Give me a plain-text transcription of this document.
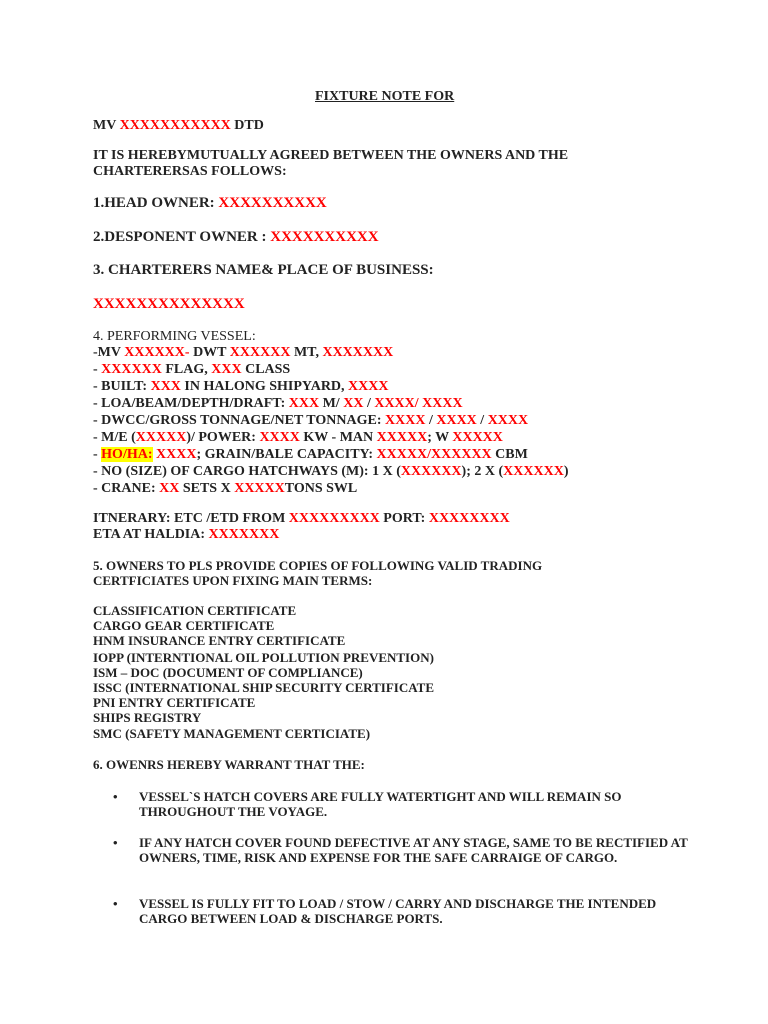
FIXTURE NOTE FOR
MV XXXXXXXXXXX DTD
IT IS HEREBYMUTUALLY AGREED BETWEEN THE OWNERS AND THE
CHARTERERSAS FOLLOWS:
1.HEAD OWNER: XXXXXXXXXX
2.DESPONENT OWNER : XXXXXXXXXX
3. CHARTERERS NAME& PLACE OF BUSINESS:
XXXXXXXXXXXXXX
4. PERFORMING VESSEL:
-MV XXXXXX- DWT XXXXXX MT, XXXXXXX
- XXXXXX FLAG, XXX CLASS
- BUILT: XXX IN HALONG SHIPYARD, XXXX
- LOA/BEAM/DEPTH/DRAFT: XXX M/ XX / XXXX/ XXXX
- DWCC/GROSS TONNAGE/NET TONNAGE: XXXX / XXXX / XXXX
- M/E (XXXXX)/ POWER: XXXX KW - MAN XXXXX; W XXXXX
- HO/HA: XXXX; GRAIN/BALE CAPACITY: XXXXX/XXXXXX CBM
- NO (SIZE) OF CARGO HATCHWAYS (M): 1 X (XXXXXX); 2 X (XXXXXX)
- CRANE: XX SETS X XXXXXTONS SWL
ITNERARY: ETC /ETD FROM XXXXXXXXX PORT: XXXXXXXX
ETA AT HALDIA: XXXXXXX
5. OWNERS TO PLS PROVIDE COPIES OF FOLLOWING VALID TRADING
CERTFICIATES UPON FIXING MAIN TERMS:
CLASSIFICATION CERTIFICATE
CARGO GEAR CERTIFICATE
HNM INSURANCE ENTRY CERTIFICATE
IOPP (INTERNTIONAL OIL POLLUTION PREVENTION)
ISM – DOC (DOCUMENT OF COMPLIANCE)
ISSC (INTERNATIONAL SHIP SECURITY CERTIFICATE
PNI ENTRY CERTIFICATE
SHIPS REGISTRY
SMC (SAFETY MANAGEMENT CERTICIATE)
6. OWENRS HEREBY WARRANT THAT THE:
• VESSEL`S HATCH COVERS ARE FULLY WATERTIGHT AND WILL REMAIN SO THROUGHOUT THE VOYAGE.
• IF ANY HATCH COVER FOUND DEFECTIVE AT ANY STAGE, SAME TO BE RECTIFIED AT OWNERS, TIME, RISK AND EXPENSE FOR THE SAFE CARRAIGE OF CARGO.
• VESSEL IS FULLY FIT TO LOAD / STOW / CARRY AND DISCHARGE THE INTENDED CARGO BETWEEN LOAD & DISCHARGE PORTS.
